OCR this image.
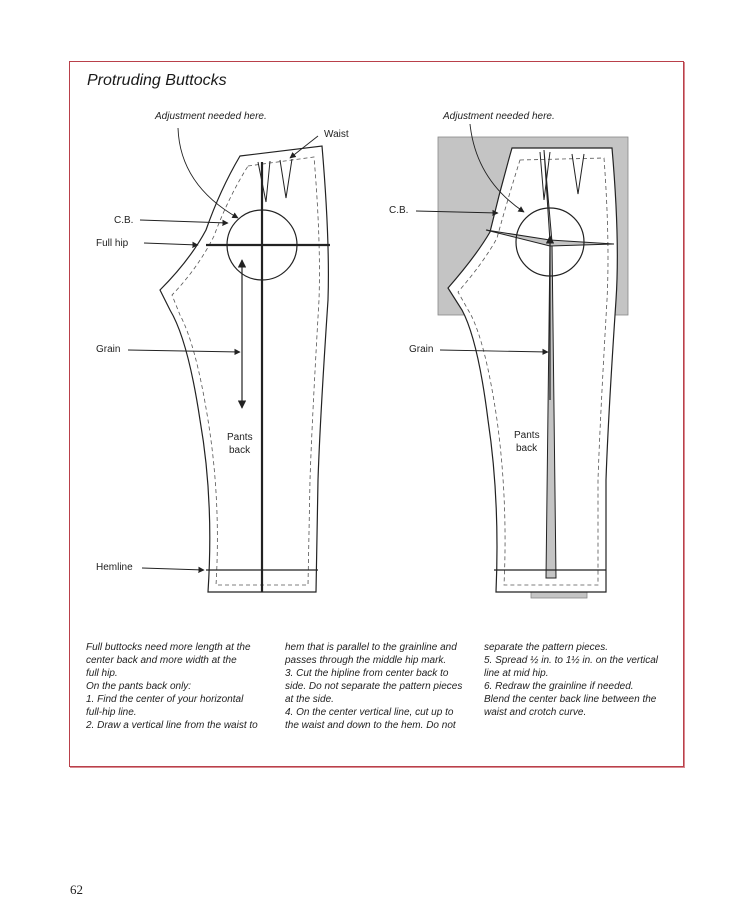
Protruding Buttocks
Adjustment needed here.
Waist
C.B.
Full hip
Grain
Hemline
Pants
back
Adjustment needed here.
C.B.
Grain
Pants
back

Full buttocks need more length at the
center back and more width at the
full hip.
On the pants back only:
1. Find the center of your horizontal
full-hip line.
2. Draw a vertical line from the waist to

hem that is parallel to the grainline and
passes through the middle hip mark.
3. Cut the hipline from center back to
side. Do not separate the pattern pieces
at the side.
4. On the center vertical line, cut up to
the waist and down to the hem. Do not

separate the pattern pieces.
5. Spread ½ in. to 1½ in. on the vertical
line at mid hip.
6. Redraw the grainline if needed.
Blend the center back line between the
waist and crotch curve.

62
